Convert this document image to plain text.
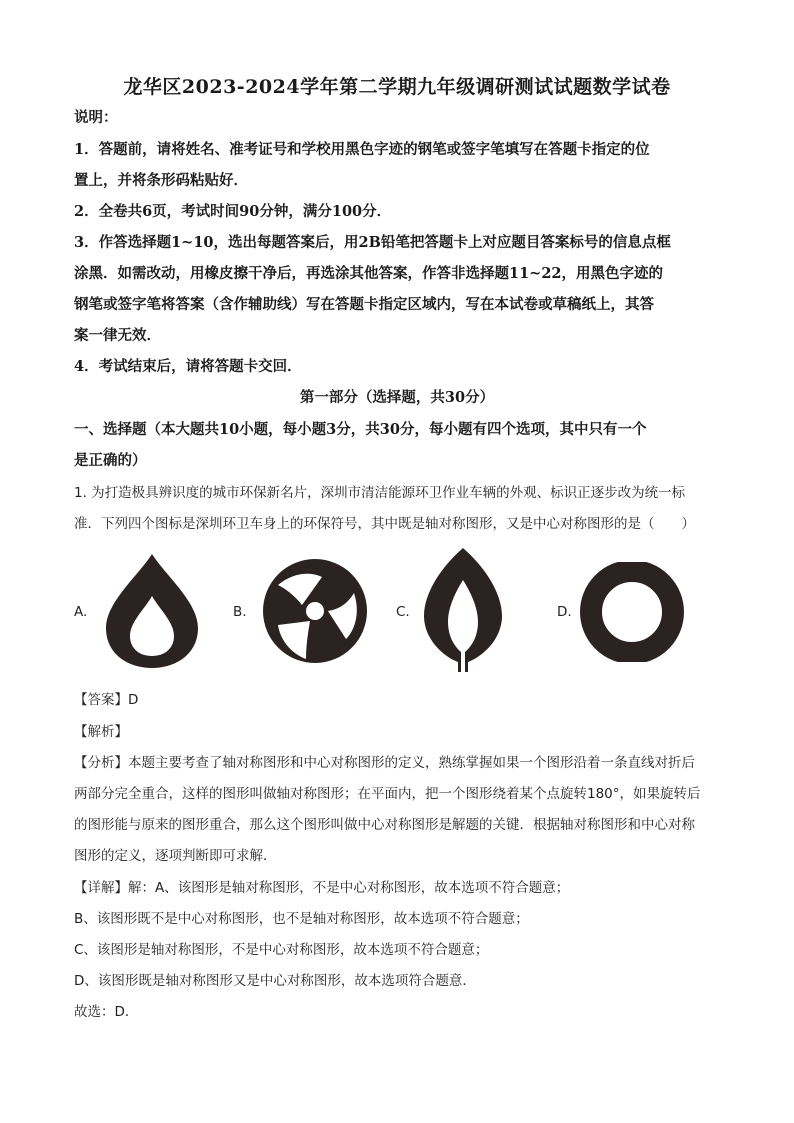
龙华区2023-2024学年第二学期九年级调研测试试题数学试卷
说明：
1．答题前，请将姓名、准考证号和学校用黑色字迹的钢笔或签字笔填写在答题卡指定的位
置上，并将条形码粘贴好．
2．全卷共6页，考试时间90分钟，满分100分．
3．作答选择题1~10，选出每题答案后，用2B铅笔把答题卡上对应题目答案标号的信息点框
涂黑．如需改动，用橡皮擦干净后，再选涂其他答案，作答非选择题11~22，用黑色字迹的
钢笔或签字笔将答案（含作辅助线）写在答题卡指定区域内，写在本试卷或草稿纸上，其答
案一律无效．
4．考试结束后，请将答题卡交回．
第一部分（选择题，共30分）
一、选择题（本大题共10小题，每小题3分，共30分，每小题有四个选项，其中只有一个
是正确的）
1. 为打造极具辨识度的城市环保新名片，深圳市清洁能源环卫作业车辆的外观、标识正逐步改为统一标
准．下列四个图标是深圳环卫车身上的环保符号，其中既是轴对称图形，又是中心对称图形的是（　　）
A.	B.	C.	D.
【答案】D
【解析】
【分析】本题主要考查了轴对称图形和中心对称图形的定义，熟练掌握如果一个图形沿着一条直线对折后
两部分完全重合，这样的图形叫做轴对称图形；在平面内，把一个图形绕着某个点旋转180°，如果旋转后
的图形能与原来的图形重合，那么这个图形叫做中心对称图形是解题的关键．根据轴对称图形和中心对称
图形的定义，逐项判断即可求解．
【详解】解：A、该图形是轴对称图形，不是中心对称图形，故本选项不符合题意；
B、该图形既不是中心对称图形，也不是轴对称图形，故本选项不符合题意；
C、该图形是轴对称图形，不是中心对称图形，故本选项不符合题意；
D、该图形既是轴对称图形又是中心对称图形，故本选项符合题意．
故选：D．
